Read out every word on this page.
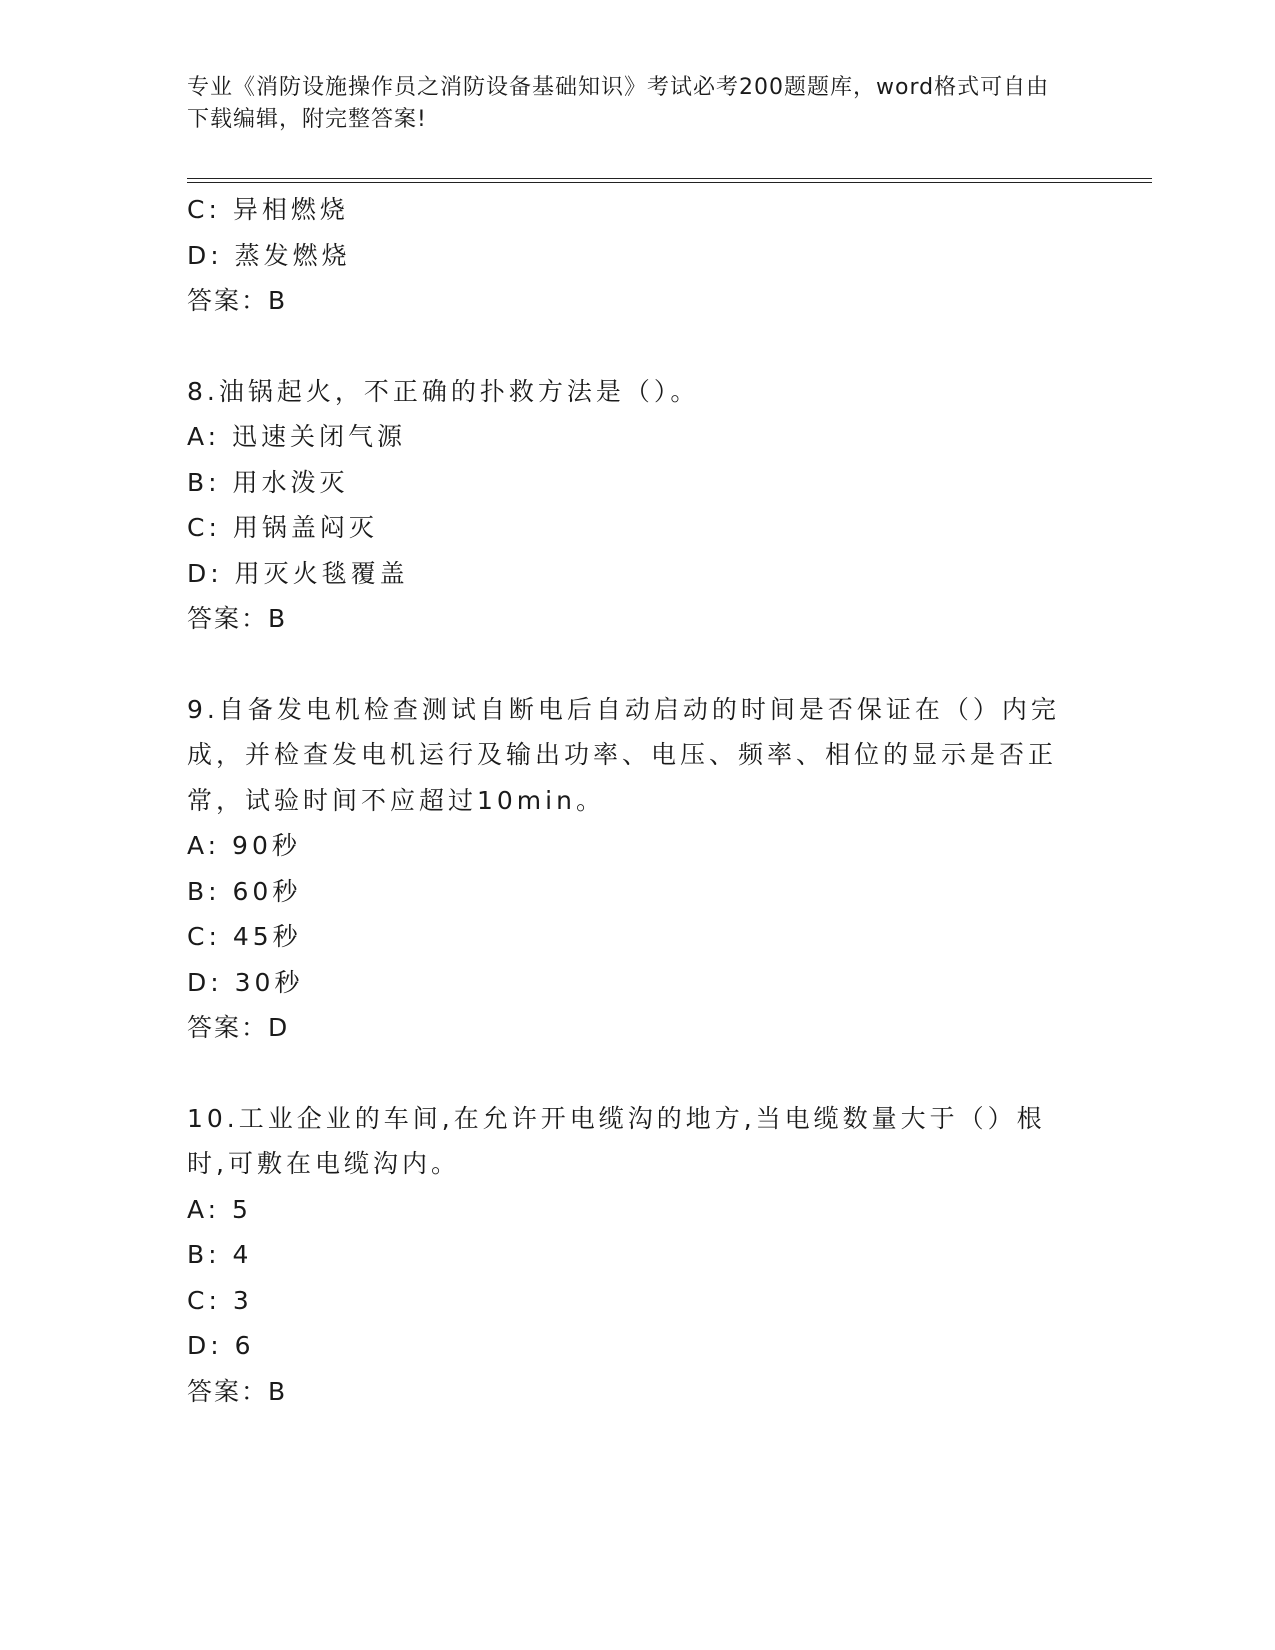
专业《消防设施操作员之消防设备基础知识》考试必考200题题库，word格式可自由下载编辑，附完整答案!
C: 异相燃烧
D: 蒸发燃烧
答案：B
8.油锅起火，不正确的扑救方法是（）。
A: 迅速关闭气源
B: 用水泼灭
C: 用锅盖闷灭
D: 用灭火毯覆盖
答案：B
9.自备发电机检查测试自断电后自动启动的时间是否保证在（）内完成，并检查发电机运行及输出功率、电压、频率、相位的显示是否正常，试验时间不应超过10min。
A: 90秒
B: 60秒
C: 45秒
D: 30秒
答案：D
10.工业企业的车间,在允许开电缆沟的地方,当电缆数量大于（）根时,可敷在电缆沟内。
A: 5
B: 4
C: 3
D: 6
答案：B
